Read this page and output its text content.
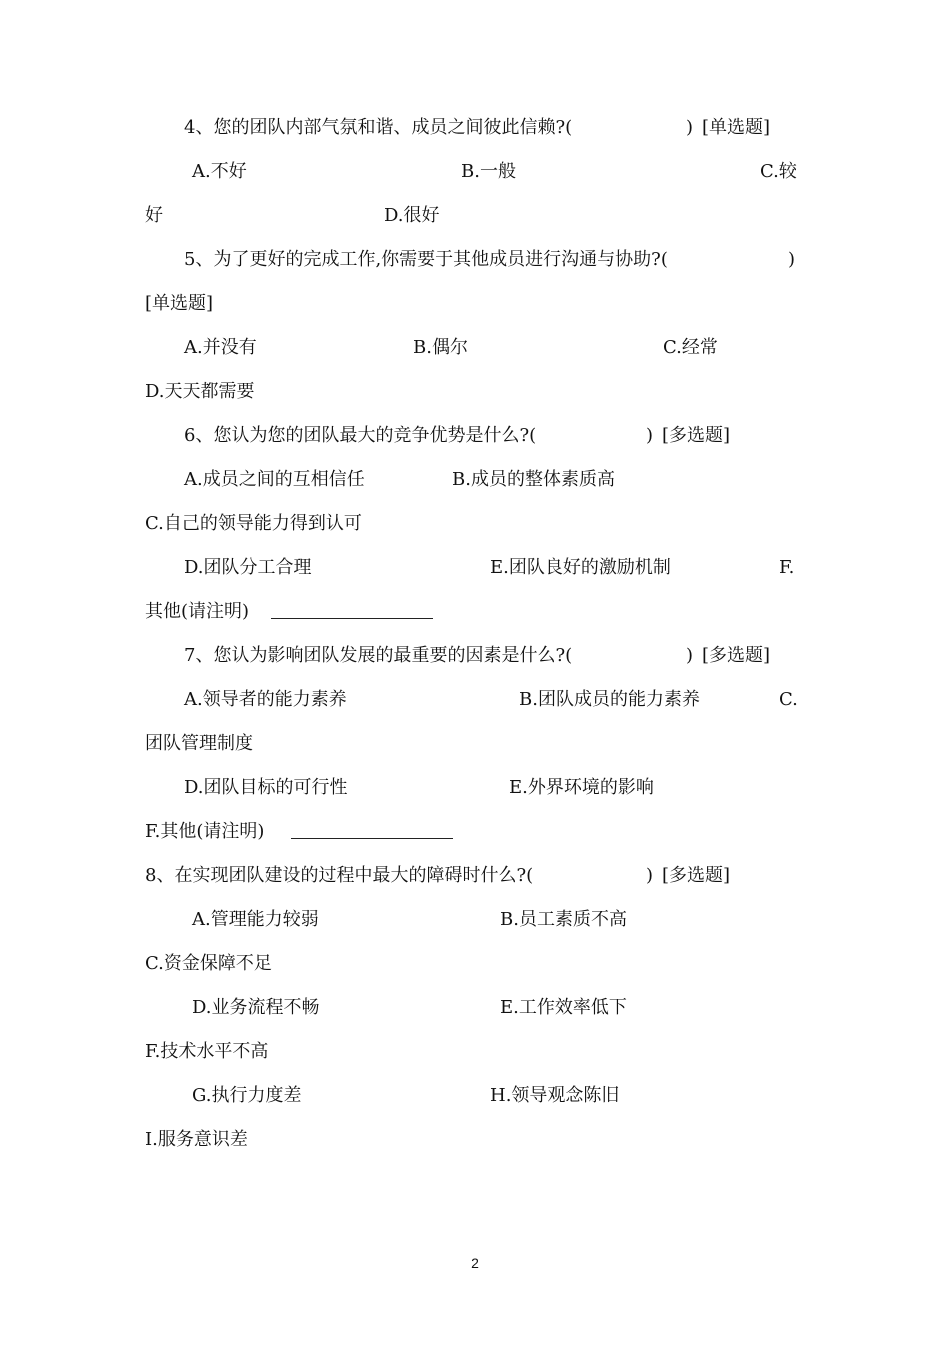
4、您的团队内部气氛和谐、成员之间彼此信赖?(	) [单选题]
A.不好	B.一般	C.较
好	D.很好
5、为了更好的完成工作,你需要于其他成员进行沟通与协助?(	)
[单选题]
A.并没有	B.偶尔	C.经常
D.天天都需要
6、您认为您的团队最大的竞争优势是什么?(	) [多选题]
A.成员之间的互相信任	B.成员的整体素质高
C.自己的领导能力得到认可
D.团队分工合理	E.团队良好的激励机制	F.
其他(请注明)
7、您认为影响团队发展的最重要的因素是什么?(	) [多选题]
A.领导者的能力素养	B.团队成员的能力素养	C.
团队管理制度
D.团队目标的可行性	E.外界环境的影响
F.其他(请注明)
8、在实现团队建设的过程中最大的障碍时什么?(	) [多选题]
A.管理能力较弱	B.员工素质不高
C.资金保障不足
D.业务流程不畅	E.工作效率低下
F.技术水平不高
G.执行力度差	H.领导观念陈旧
I.服务意识差
2
